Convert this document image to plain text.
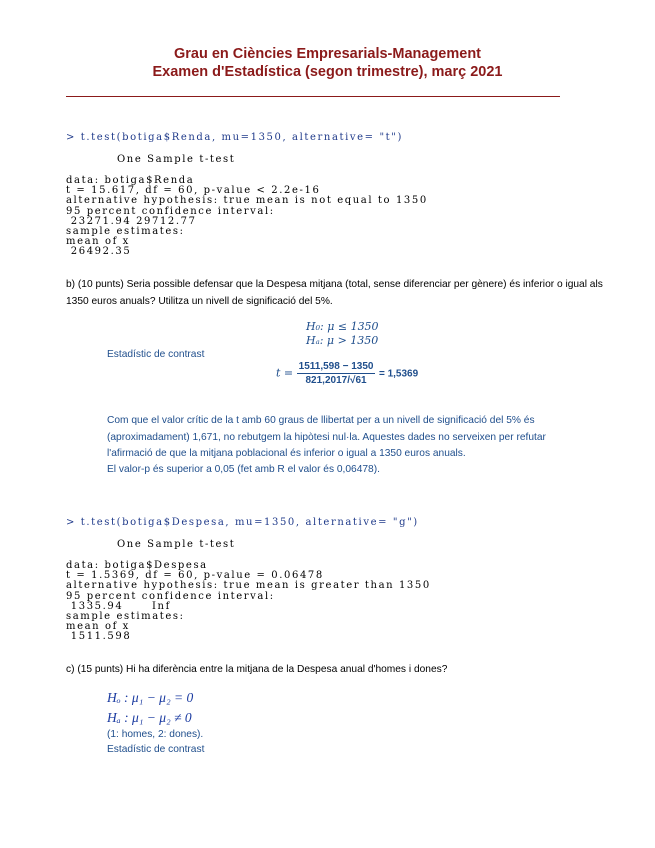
Grau en Ciències Empresarials-Management
Examen d'Estadística (segon trimestre), març 2021
> t.test(botiga$Renda, mu=1350, alternative= "t")
One Sample t-test
data: botiga$Renda
t = 15.617, df = 60, p-value < 2.2e-16
alternative hypothesis: true mean is not equal to 1350
95 percent confidence interval:
23271.94 29712.77
sample estimates:
mean of x
26492.35
b) (10 punts) Seria possible defensar que la Despesa mitjana (total, sense diferenciar per gènere) és inferior o igual als 1350 euros anuals? Utilitza un nivell de significació del 5%.
H₀: μ ≤ 1350
Hₐ: μ > 1350
Estadístic de contrast
$t = \frac{1511,598 - 1350}{821,2017/√61} = 1,5369$
Com que el valor crític de la t amb 60 graus de llibertat per a un nivell de significació del 5% és
(aproximadament) 1,671, no rebutgem la hipòtesi nul·la. Aquestes dades no serveixen per refutar
l'afirmació de que la mitjana poblacional és inferior o igual a 1350 euros anuals.
El valor-p és superior a 0,05 (fet amb R el valor és 0,06478).
> t.test(botiga$Despesa, mu=1350, alternative= "g")
One Sample t-test
data: botiga$Despesa
t = 1.5369, df = 60, p-value = 0.06478
alternative hypothesis: true mean is greater than 1350
95 percent confidence interval:
1335.94      Inf
sample estimates:
mean of x
1511.598
c) (15 punts) Hi ha diferència entre la mitjana de la Despesa anual d'homes i dones?
Hₒ : μ₁ − μ₂ = 0
Hₐ : μ₁ − μ₂ ≠ 0
(1: homes, 2: dones).
Estadístic de contrast
